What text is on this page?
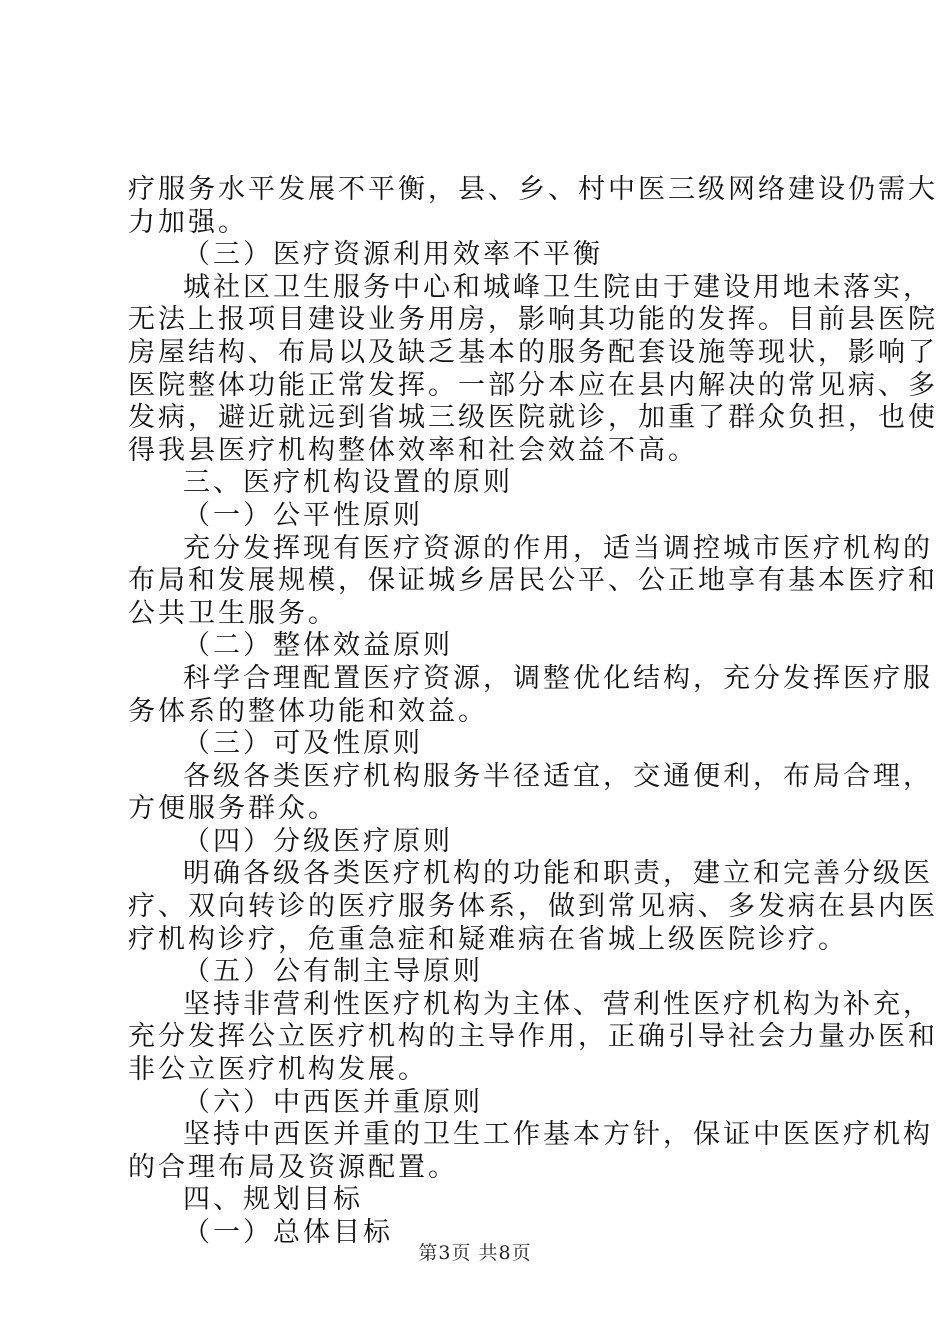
疗服务水平发展不平衡，县、乡、村中医三级网络建设仍需大
力加强。
（三）医疗资源利用效率不平衡
城社区卫生服务中心和城峰卫生院由于建设用地未落实，
无法上报项目建设业务用房，影响其功能的发挥。目前县医院
房屋结构、布局以及缺乏基本的服务配套设施等现状，影响了
医院整体功能正常发挥。一部分本应在县内解决的常见病、多
发病，避近就远到省城三级医院就诊，加重了群众负担，也使
得我县医疗机构整体效率和社会效益不高。
三、医疗机构设置的原则
（一）公平性原则
充分发挥现有医疗资源的作用，适当调控城市医疗机构的
布局和发展规模，保证城乡居民公平、公正地享有基本医疗和
公共卫生服务。
（二）整体效益原则
科学合理配置医疗资源，调整优化结构，充分发挥医疗服
务体系的整体功能和效益。
（三）可及性原则
各级各类医疗机构服务半径适宜，交通便利，布局合理，
方便服务群众。
（四）分级医疗原则
明确各级各类医疗机构的功能和职责，建立和完善分级医
疗、双向转诊的医疗服务体系，做到常见病、多发病在县内医
疗机构诊疗，危重急症和疑难病在省城上级医院诊疗。
（五）公有制主导原则
坚持非营利性医疗机构为主体、营利性医疗机构为补充，
充分发挥公立医疗机构的主导作用，正确引导社会力量办医和
非公立医疗机构发展。
（六）中西医并重原则
坚持中西医并重的卫生工作基本方针，保证中医医疗机构
的合理布局及资源配置。
四、规划目标
（一）总体目标
第3页 共8页
